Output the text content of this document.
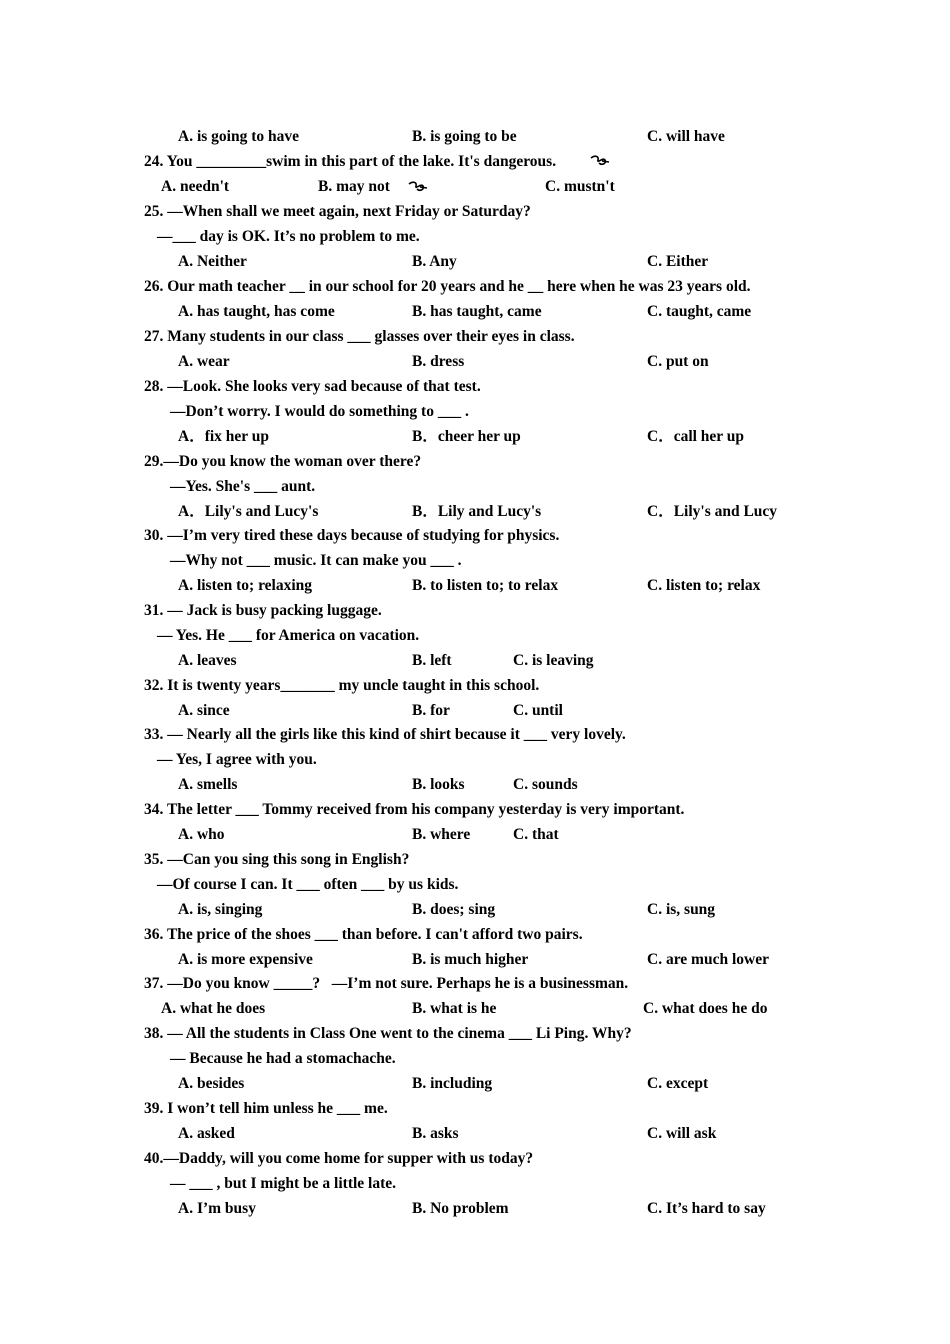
A. is going to have	B. is going to be	C. will have
24. You _________swim in this part of the lake. It's dangerous.
A. needn't	B. may not	C. mustn't
25. —When shall we meet again, next Friday or Saturday?
—___ day is OK. It’s no problem to me.
A. Neither	B. Any	C. Either
26. Our math teacher __ in our school for 20 years and he __ here when he was 23 years old.
A. has taught, has come	B. has taught, came	C. taught, came
27. Many students in our class ___ glasses over their eyes in class.
A. wear	B. dress	C. put on
28. —Look. She looks very sad because of that test.
—Don’t worry. I would do something to ___ .
A．fix her up	B．cheer her up	C．call her up
29.—Do you know the woman over there?
—Yes. She's ___ aunt.
A．Lily's and Lucy's	B．Lily and Lucy's	C．Lily's and Lucy
30. —I’m very tired these days because of studying for physics.
—Why not ___ music. It can make you ___ .
A. listen to; relaxing	B. to listen to; to relax	C. listen to; relax
31. — Jack is busy packing luggage.
— Yes. He ___ for America on vacation.
A. leaves	B. left	C. is leaving
32. It is twenty years_______ my uncle taught in this school.
A. since	B. for	C. until
33. — Nearly all the girls like this kind of shirt because it ___ very lovely.
— Yes, I agree with you.
A. smells	B. looks	C. sounds
34. The letter ___ Tommy received from his company yesterday is very important.
A. who	B. where	C. that
35. —Can you sing this song in English?
—Of course I can. It ___ often ___ by us kids.
A. is, singing	B. does; sing	C. is, sung
36. The price of the shoes ___ than before. I can't afford two pairs.
A. is more expensive	B. is much higher	C. are much lower
37. —Do you know _____?   —I’m not sure. Perhaps he is a businessman.
A. what he does	B. what is he	C. what does he do
38. — All the students in Class One went to the cinema ___ Li Ping. Why?
— Because he had a stomachache.
A. besides	B. including	C. except
39. I won’t tell him unless he ___ me.
A. asked	B. asks	C. will ask
40.—Daddy, will you come home for supper with us today?
— ___ , but I might be a little late.
A. I’m busy	B. No problem	C. It’s hard to say
